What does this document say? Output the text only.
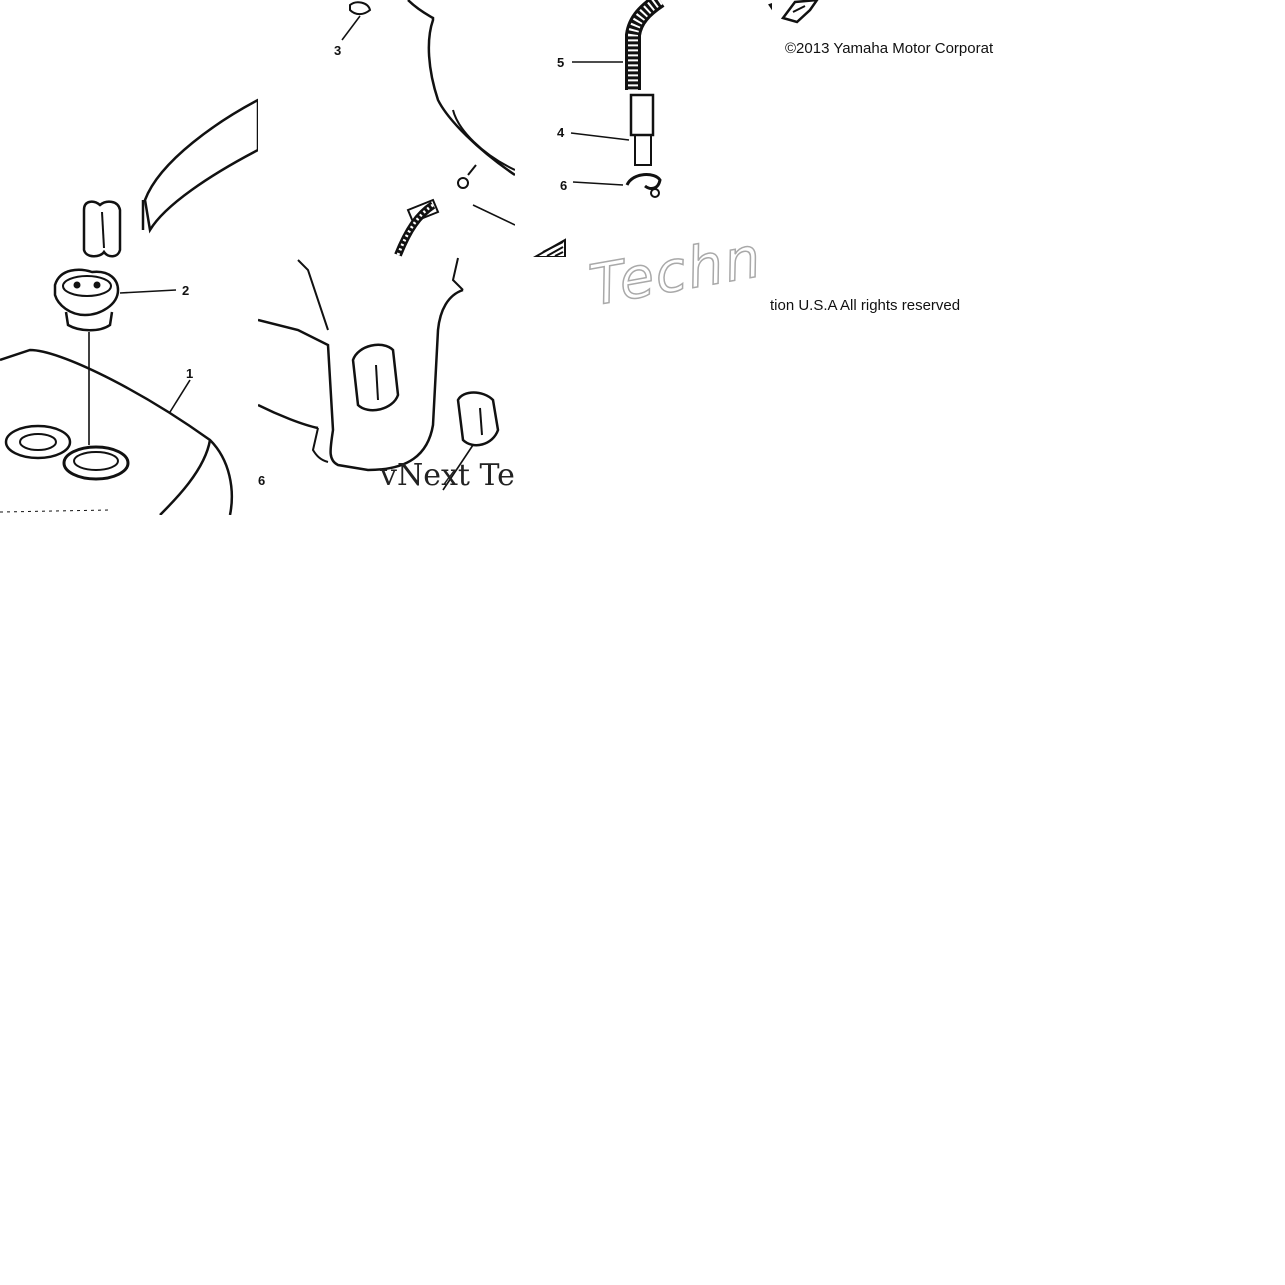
2
1
3
6
5
4
6
©2013 Yamaha Motor Corporat
tion U.S.A All rights reserved
vNext Te
Techn
